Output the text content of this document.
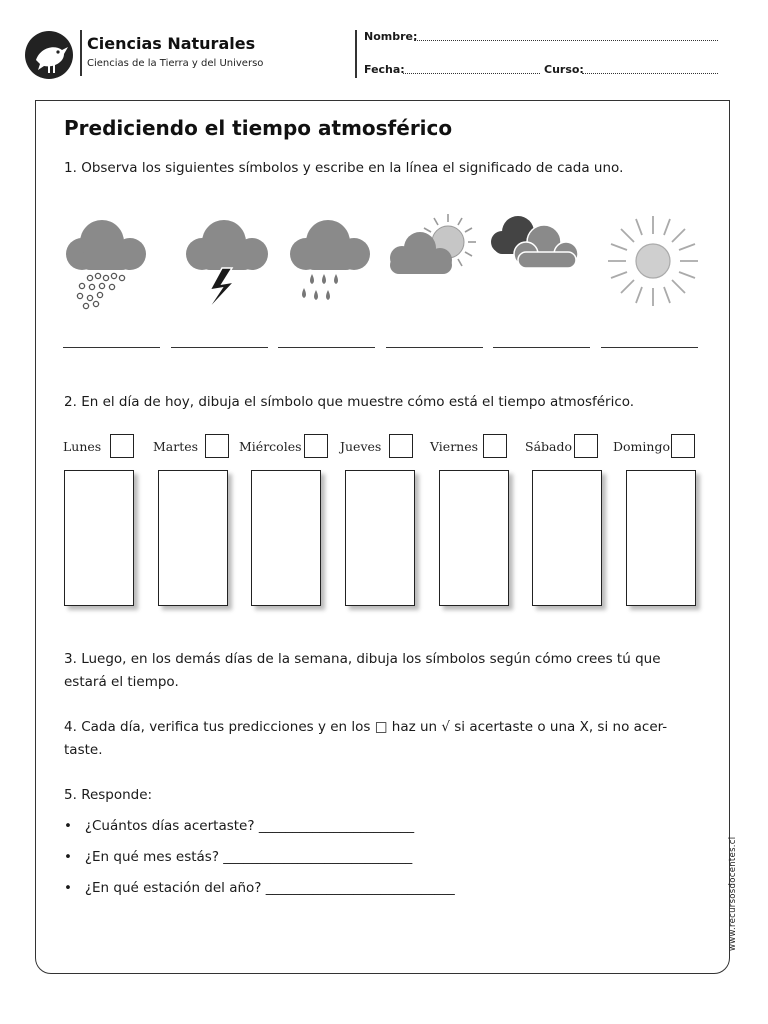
Ciencias Naturales
Ciencias de la Tierra y del Universo
Nombre:
Fecha:	Curso:
Prediciendo el tiempo atmosférico
1. Observa los siguientes símbolos y escribe en la línea el significado de cada uno.
2. En el día de hoy, dibuja el símbolo que muestre cómo está el tiempo atmosférico.
Lunes	Martes	Miércoles	Jueves	Viernes	Sábado	Domingo
3. Luego, en los demás días de la semana, dibuja los símbolos según cómo crees tú que estará el tiempo.
4. Cada día, verifica tus predicciones y en los □ haz un √ si acertaste o una X, si no acer-taste.
5. Responde:
•   ¿Cuántos días acertaste? _______________________
•   ¿En qué mes estás? ____________________________
•   ¿En qué estación del año? ____________________________	www.recursosdocentes.cl
